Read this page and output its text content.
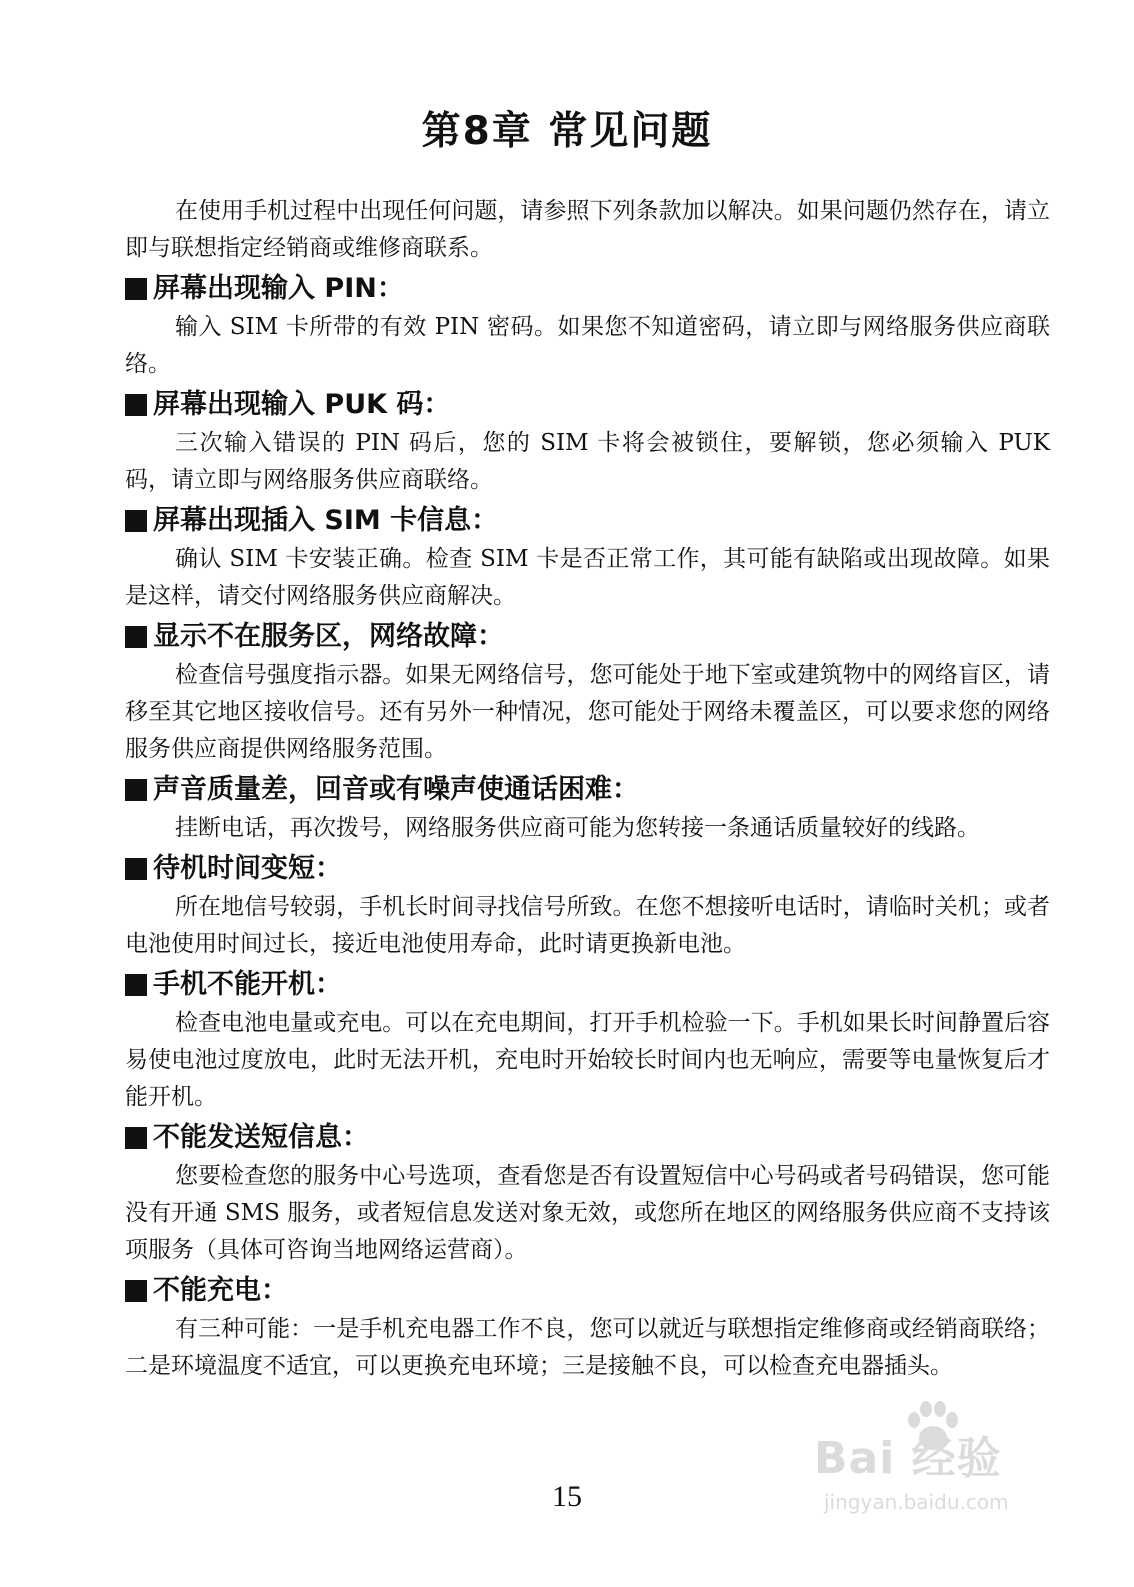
第8章 常见问题

在使用手机过程中出现任何问题，请参照下列条款加以解决。如果问题仍然存在，请立即与联想指定经销商或维修商联系。

屏幕出现输入 PIN：

输入 SIM 卡所带的有效 PIN 密码。如果您不知道密码，请立即与网络服务供应商联络。

屏幕出现输入 PUK 码：

三次输入错误的 PIN 码后，您的 SIM 卡将会被锁住，要解锁，您必须输入 PUK 码，请立即与网络服务供应商联络。

屏幕出现插入 SIM 卡信息：

确认 SIM 卡安装正确。检查 SIM 卡是否正常工作，其可能有缺陷或出现故障。如果是这样，请交付网络服务供应商解决。

显示不在服务区，网络故障：

检查信号强度指示器。如果无网络信号，您可能处于地下室或建筑物中的网络盲区，请移至其它地区接收信号。还有另外一种情况，您可能处于网络未覆盖区，可以要求您的网络服务供应商提供网络服务范围。

声音质量差，回音或有噪声使通话困难：

挂断电话，再次拨号，网络服务供应商可能为您转接一条通话质量较好的线路。

待机时间变短：

所在地信号较弱，手机长时间寻找信号所致。在您不想接听电话时，请临时关机；或者电池使用时间过长，接近电池使用寿命，此时请更换新电池。

手机不能开机：

检查电池电量或充电。可以在充电期间，打开手机检验一下。手机如果长时间静置后容易使电池过度放电，此时无法开机，充电时开始较长时间内也无响应，需要等电量恢复后才能开机。

不能发送短信息：

您要检查您的服务中心号选项，查看您是否有设置短信中心号码或者号码错误，您可能没有开通 SMS 服务，或者短信息发送对象无效，或您所在地区的网络服务供应商不支持该项服务（具体可咨询当地网络运营商）。

不能充电：

有三种可能：一是手机充电器工作不良，您可以就近与联想指定维修商或经销商联络；二是环境温度不适宜，可以更换充电环境；三是接触不良，可以检查充电器插头。

15
Bai 经验
jingyan.baidu.com
